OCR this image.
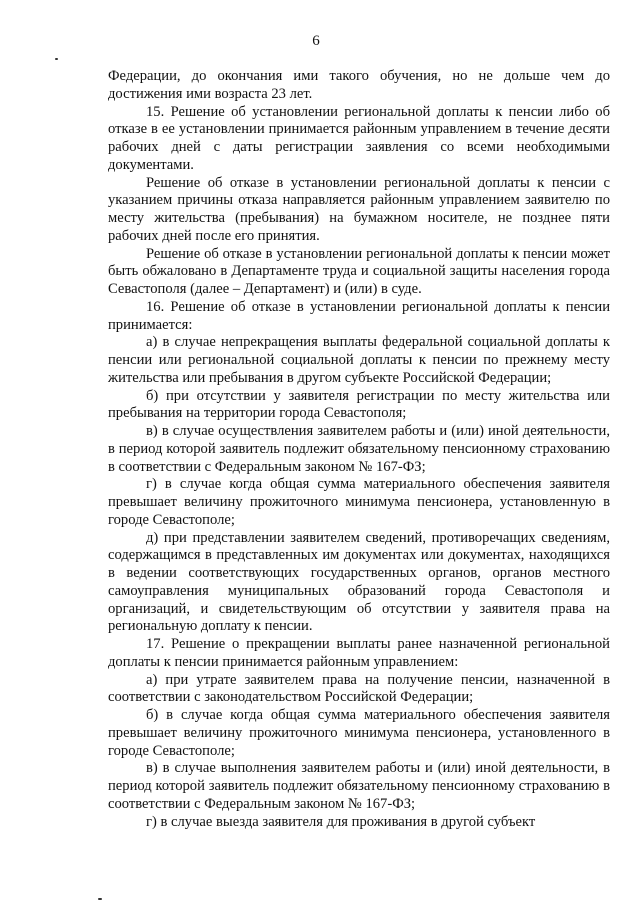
6

Федерации, до окончания ими такого обучения, но не дольше чем до достижения ими возраста 23 лет.

15. Решение об установлении региональной доплаты к пенсии либо об отказе в ее установлении принимается районным управлением в течение десяти рабочих дней с даты регистрации заявления со всеми необходимыми документами.

Решение об отказе в установлении региональной доплаты к пенсии с указанием причины отказа направляется районным управлением заявителю по месту жительства (пребывания) на бумажном носителе, не позднее пяти рабочих дней после его принятия.

Решение об отказе в установлении региональной доплаты к пенсии может быть обжаловано в Департаменте труда и социальной защиты населения города Севастополя (далее – Департамент) и (или) в суде.

16. Решение об отказе в установлении региональной доплаты к пенсии принимается:

а) в случае непрекращения выплаты федеральной социальной доплаты к пенсии или региональной социальной доплаты к пенсии по прежнему месту жительства или пребывания в другом субъекте Российской Федерации;

б) при отсутствии у заявителя регистрации по месту жительства или пребывания на территории города Севастополя;

в) в случае осуществления заявителем работы и (или) иной деятельности, в период которой заявитель подлежит обязательному пенсионному страхованию в соответствии с Федеральным законом № 167-ФЗ;

г) в случае когда общая сумма материального обеспечения заявителя превышает величину прожиточного минимума пенсионера, установленную в городе Севастополе;

д) при представлении заявителем сведений, противоречащих сведениям, содержащимся в представленных им документах или документах, находящихся в ведении соответствующих государственных органов, органов местного самоуправления муниципальных образований города Севастополя и организаций, и свидетельствующим об отсутствии у заявителя права на региональную доплату к пенсии.

17. Решение о прекращении выплаты ранее назначенной региональной доплаты к пенсии принимается районным управлением:

а) при утрате заявителем права на получение пенсии, назначенной в соответствии с законодательством Российской Федерации;

б) в случае когда общая сумма материального обеспечения заявителя превышает величину прожиточного минимума пенсионера, установленного в городе Севастополе;

в) в случае выполнения заявителем работы и (или) иной деятельности, в период которой заявитель подлежит обязательному пенсионному страхованию в соответствии с Федеральным законом № 167-ФЗ;

г) в случае выезда заявителя для проживания в другой субъект
